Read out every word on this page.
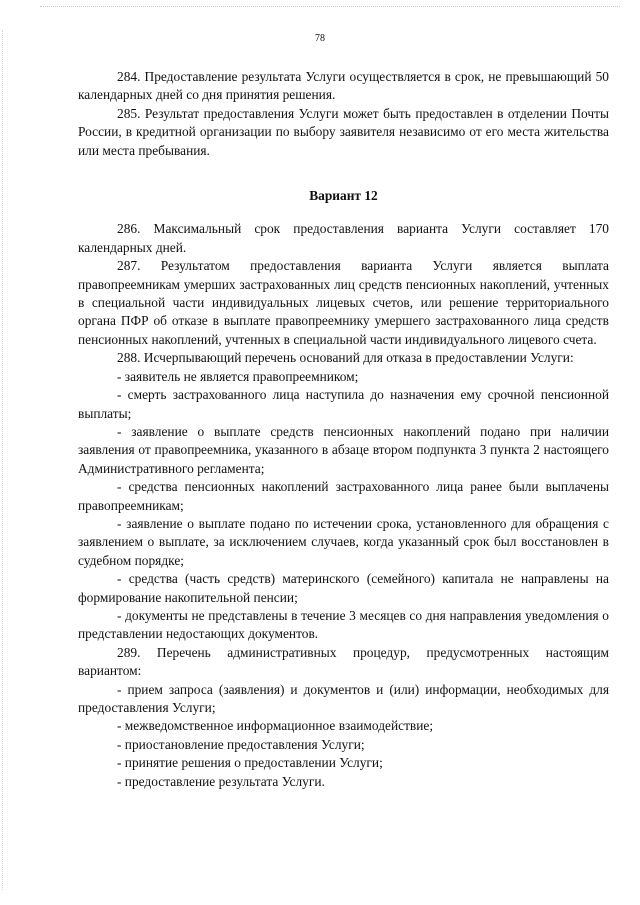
78

284. Предоставление результата Услуги осуществляется в срок, не превышающий 50 календарных дней со дня принятия решения.

285. Результат предоставления Услуги может быть предоставлен в отделении Почты России, в кредитной организации по выбору заявителя независимо от его места жительства или места пребывания.

Вариант 12

286. Максимальный срок предоставления варианта Услуги составляет 170 календарных дней.

287. Результатом предоставления варианта Услуги является выплата правопреемникам умерших застрахованных лиц средств пенсионных накоплений, учтенных в специальной части индивидуальных лицевых счетов, или решение территориального органа ПФР об отказе в выплате правопреемнику умершего застрахованного лица средств пенсионных накоплений, учтенных в специальной части индивидуального лицевого счета.

288. Исчерпывающий перечень оснований для отказа в предоставлении Услуги:

- заявитель не является правопреемником;

- смерть застрахованного лица наступила до назначения ему срочной пенсионной выплаты;

- заявление о выплате средств пенсионных накоплений подано при наличии заявления от правопреемника, указанного в абзаце втором подпункта 3 пункта 2 настоящего Административного регламента;

- средства пенсионных накоплений застрахованного лица ранее были выплачены правопреемникам;

- заявление о выплате подано по истечении срока, установленного для обращения с заявлением о выплате, за исключением случаев, когда указанный срок был восстановлен в судебном порядке;

- средства (часть средств) материнского (семейного) капитала не направлены на формирование накопительной пенсии;

- документы не представлены в течение 3 месяцев со дня направления уведомления о представлении недостающих документов.

289. Перечень административных процедур, предусмотренных настоящим вариантом:

- прием запроса (заявления) и документов и (или) информации, необходимых для предоставления Услуги;

- межведомственное информационное взаимодействие;

- приостановление предоставления Услуги;

- принятие решения о предоставлении Услуги;

- предоставление результата Услуги.
